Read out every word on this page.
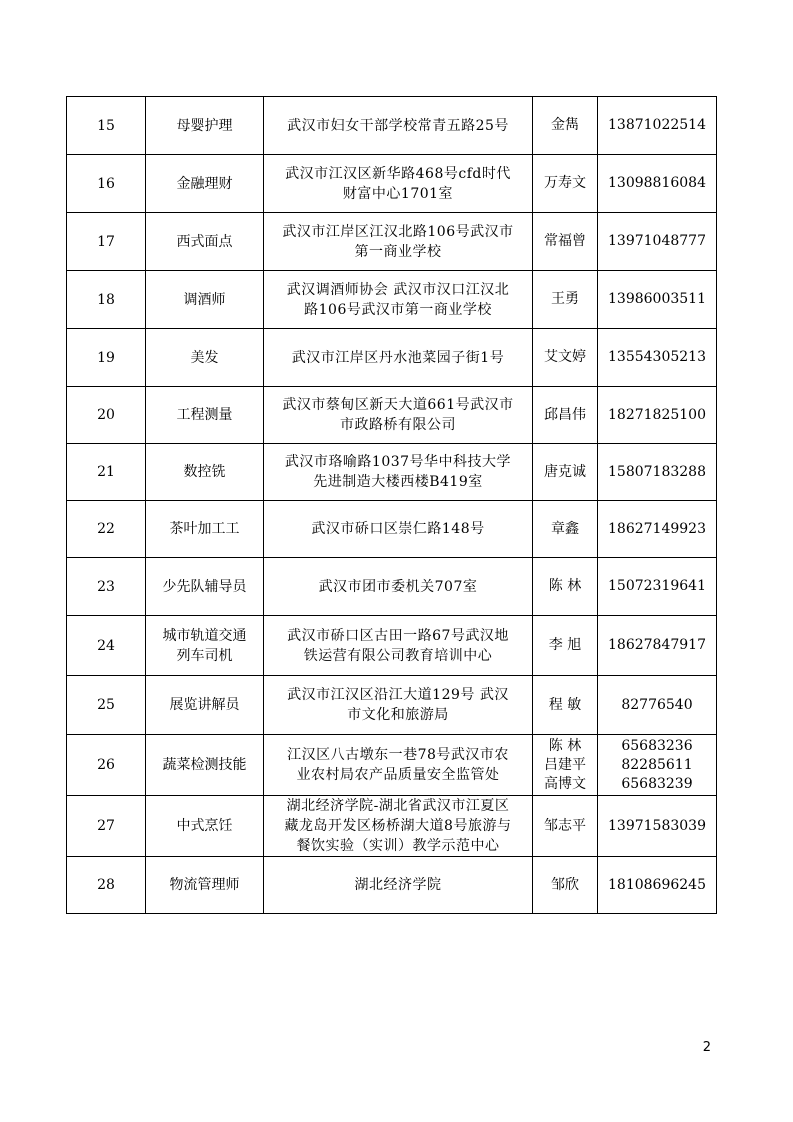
15	母婴护理	武汉市妇女干部学校常青五路25号	金雋	13871022514

16	金融理财	武汉市江汉区新华路468号cfd时代
财富中心1701室	万寿文	13098816084

17	西式面点	武汉市江岸区江汉北路106号武汉市
第一商业学校	常福曾	13971048777

18	调酒师	武汉调酒师协会 武汉市汉口江汉北
路106号武汉市第一商业学校	王勇	13986003511

19	美发	武汉市江岸区丹水池菜园子街1号	艾文婷	13554305213

20	工程测量	武汉市蔡甸区新天大道661号武汉市
市政路桥有限公司	邱昌伟	18271825100

21	数控铣	武汉市珞喻路1037号华中科技大学
先进制造大楼西楼B419室	唐克诚	15807183288

22	茶叶加工工	武汉市硚口区崇仁路148号	章鑫	18627149923

23	少先队辅导员	武汉市团市委机关707室	陈 林	15072319641

24	城市轨道交通
列车司机	武汉市硚口区古田一路67号武汉地
铁运营有限公司教育培训中心	李 旭	18627847917

25	展览讲解员	武汉市江汉区沿江大道129号 武汉
市文化和旅游局	程 敏	82776540

26	蔬菜检测技能	江汉区八古墩东一巷78号武汉市农
业农村局农产品质量安全监管处	陈 林
吕建平
高博文	65683236
82285611
65683239

27	中式烹饪	湖北经济学院-湖北省武汉市江夏区
藏龙岛开发区杨桥湖大道8号旅游与
餐饮实验（实训）教学示范中心	邹志平	13971583039

28	物流管理师	湖北经济学院	邹欣	18108696245
2
